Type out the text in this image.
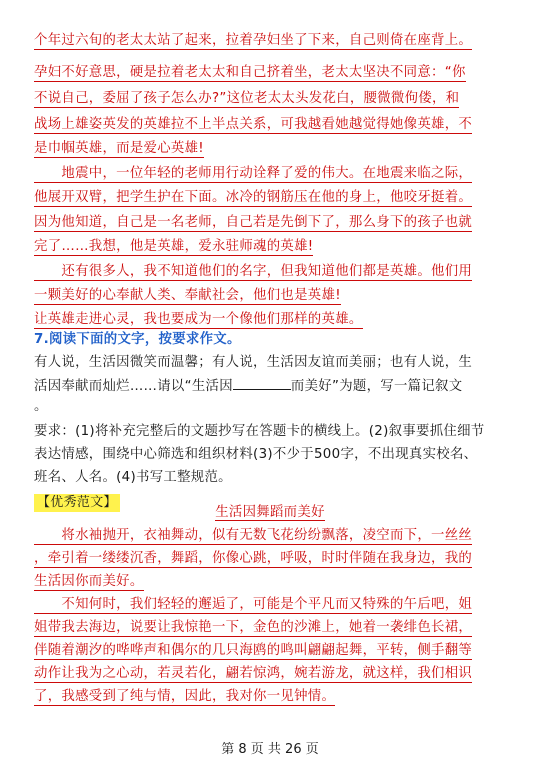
个年过六旬的老太太站了起来，拉着孕妇坐了下来，自己则倚在座背上。
孕妇不好意思，硬是拉着老太太和自己挤着坐，老太太坚决不同意：“你
不说自己，委屈了孩子怎么办?”这位老太太头发花白，腰微微佝偻，和
战场上雄姿英发的英雄拉不上半点关系，可我越看她越觉得她像英雄，不
是巾帼英雄，而是爱心英雄!
　　地震中，一位年轻的老师用行动诠释了爱的伟大。在地震来临之际，
他展开双臂，把学生护在下面。冰冷的钢筋压在他的身上，他咬牙挺着。
因为他知道，自己是一名老师，自己若是先倒下了，那么身下的孩子也就
完了……我想，他是英雄，爱永驻师魂的英雄!
　　还有很多人，我不知道他们的名字，但我知道他们都是英雄。他们用
一颗美好的心奉献人类、奉献社会，他们也是英雄!
让英雄走进心灵，我也要成为一个像他们那样的英雄。
7.阅读下面的文字，按要求作文。
有人说，生活因微笑而温馨；有人说，生活因友谊而美丽；也有人说，生
活因奉献而灿烂……请以“生活因	而美好”为题，写一篇记叙文
。
要求：(1)将补充完整后的文题抄写在答题卡的横线上。(2)叙事要抓住细节
表达情感，围绕中心筛选和组织材料(3)不少于500字，不出现真实校名、
班名、人名。(4)书写工整规范。
【优秀范文】
生活因舞蹈而美好
　　将水袖抛开，衣袖舞动，似有无数飞花纷纷飘落，凌空而下，一丝丝
，牵引着一缕缕沉香，舞蹈，你像心跳，呼吸，时时伴随在我身边，我的
生活因你而美好。
　　不知何时，我们轻轻的邂逅了，可能是个平凡而又特殊的午后吧，姐
姐带我去海边，说要让我惊艳一下，金色的沙滩上，她着一袭绯色长裙，
伴随着潮汐的哗哗声和偶尔的几只海鸥的鸣叫翩翩起舞，平转，侧手翻等
动作让我为之心动，若灵若化，翩若惊鸿，婉若游龙，就这样，我们相识
了，我感受到了纯与情，因此，我对你一见钟情。
第 8 页 共 26 页
